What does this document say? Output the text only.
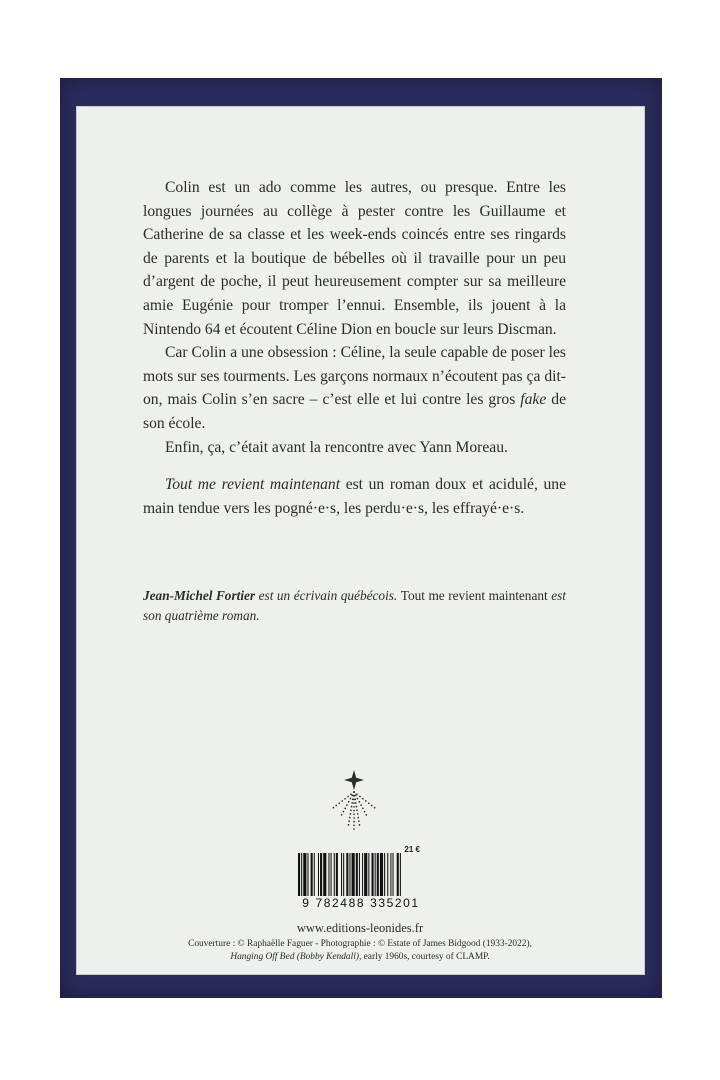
Colin est un ado comme les autres, ou presque. Entre les longues journées au collège à pester contre les Guillaume et Catherine de sa classe et les week-ends coincés entre ses ringards de parents et la boutique de bébelles où il travaille pour un peu d’argent de poche, il peut heureusement compter sur sa meilleure amie Eugénie pour tromper l’ennui. Ensemble, ils jouent à la Nintendo 64 et écoutent Céline Dion en boucle sur leurs Discman.

Car Colin a une obsession : Céline, la seule capable de poser les mots sur ses tourments. Les garçons normaux n’écoutent pas ça dit-on, mais Colin s’en sacre – c’est elle et lui contre les gros fake de son école.

Enfin, ça, c’était avant la rencontre avec Yann Moreau.

Tout me revient maintenant est un roman doux et acidulé, une main tendue vers les pogné·e·s, les perdu·e·s, les effrayé·e·s.

Jean-Michel Fortier est un écrivain québécois. Tout me revient maintenant est son quatrième roman.
21 €
9 782488 335201
www.editions-leonides.fr
Couverture : © Raphaëlle Faguer - Photographie : © Estate of James Bidgood (1933-2022),
Hanging Off Bed (Bobby Kendall), early 1960s, courtesy of CLAMP.
